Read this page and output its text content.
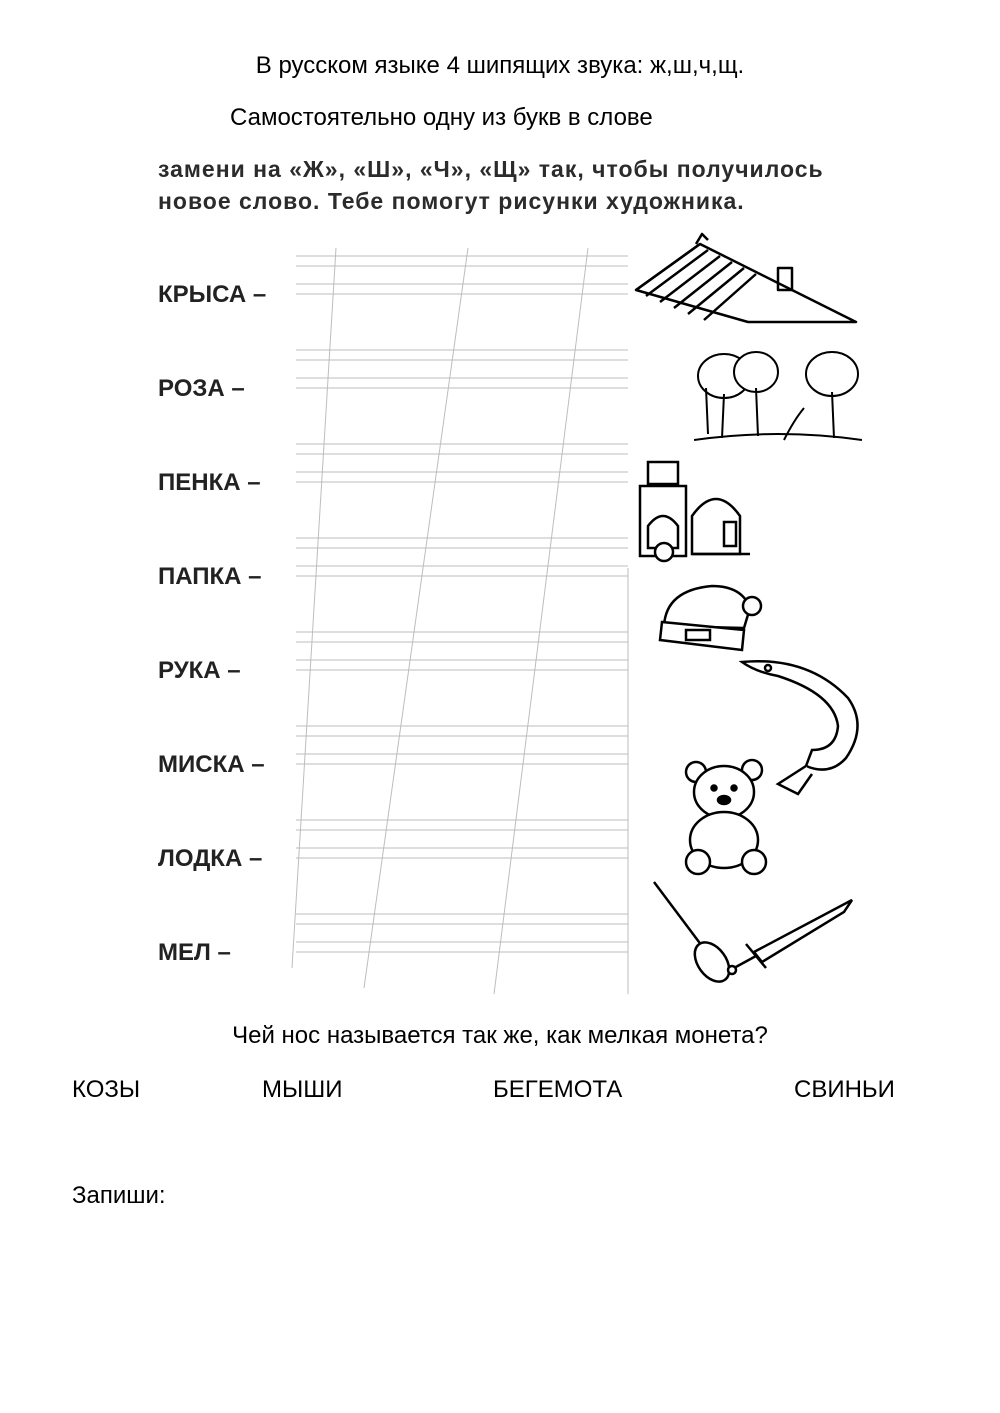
В русском языке 4 шипящих звука: ж,ш,ч,щ.
Самостоятельно одну из букв в слове
замени на «Ж», «Ш», «Ч», «Щ» так, чтобы получилось
новое слово. Тебе помогут рисунки художника.
КРЫСА –
РОЗА –
ПЕНКА –
ПАПКА –
РУКА –
МИСКА –
ЛОДКА –
МЕЛ –
Чей нос называется так же, как мелкая монета?
КОЗЫ	МЫШИ	БЕГЕМОТА	СВИНЬИ
Запиши:
